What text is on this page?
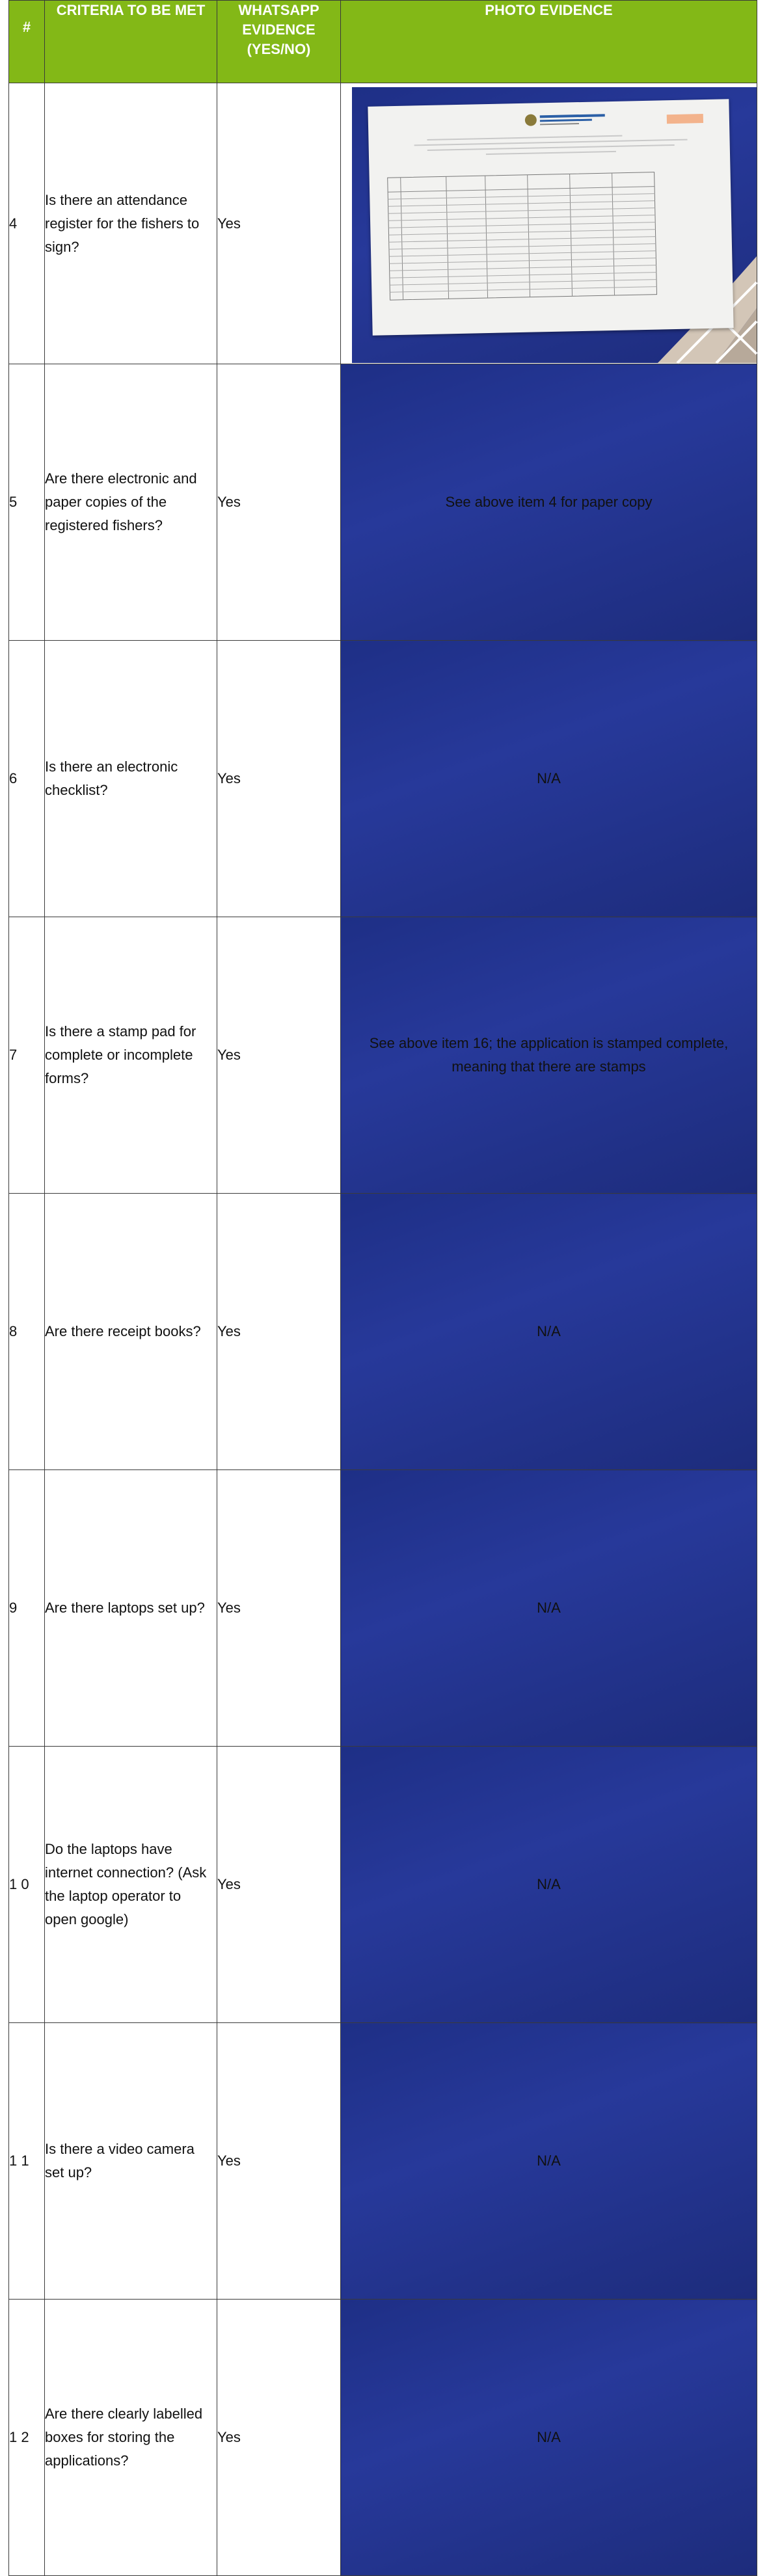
#	CRITERIA TO BE MET	WHATSAPP EVIDENCE (YES/NO)	PHOTO EVIDENCE
4	Is there an attendance register for the fishers to sign?	Yes	

5	Are there electronic and paper copies of the registered fishers?	Yes	See above item 4 for paper copy
6	Is there an electronic checklist?	Yes	N/A
7	Is there a stamp pad for complete or incomplete forms?	Yes	See above item 16; the application is stamped complete, meaning that there are stamps
8	Are there receipt books?	Yes	N/A
9	Are there laptops set up?	Yes	N/A
1 0	Do the laptops have internet connection? (Ask the laptop operator to open google)	Yes	N/A
1 1	Is there a video camera set up?	Yes	N/A
1 2	Are there clearly labelled boxes for storing the applications?	Yes	N/A
